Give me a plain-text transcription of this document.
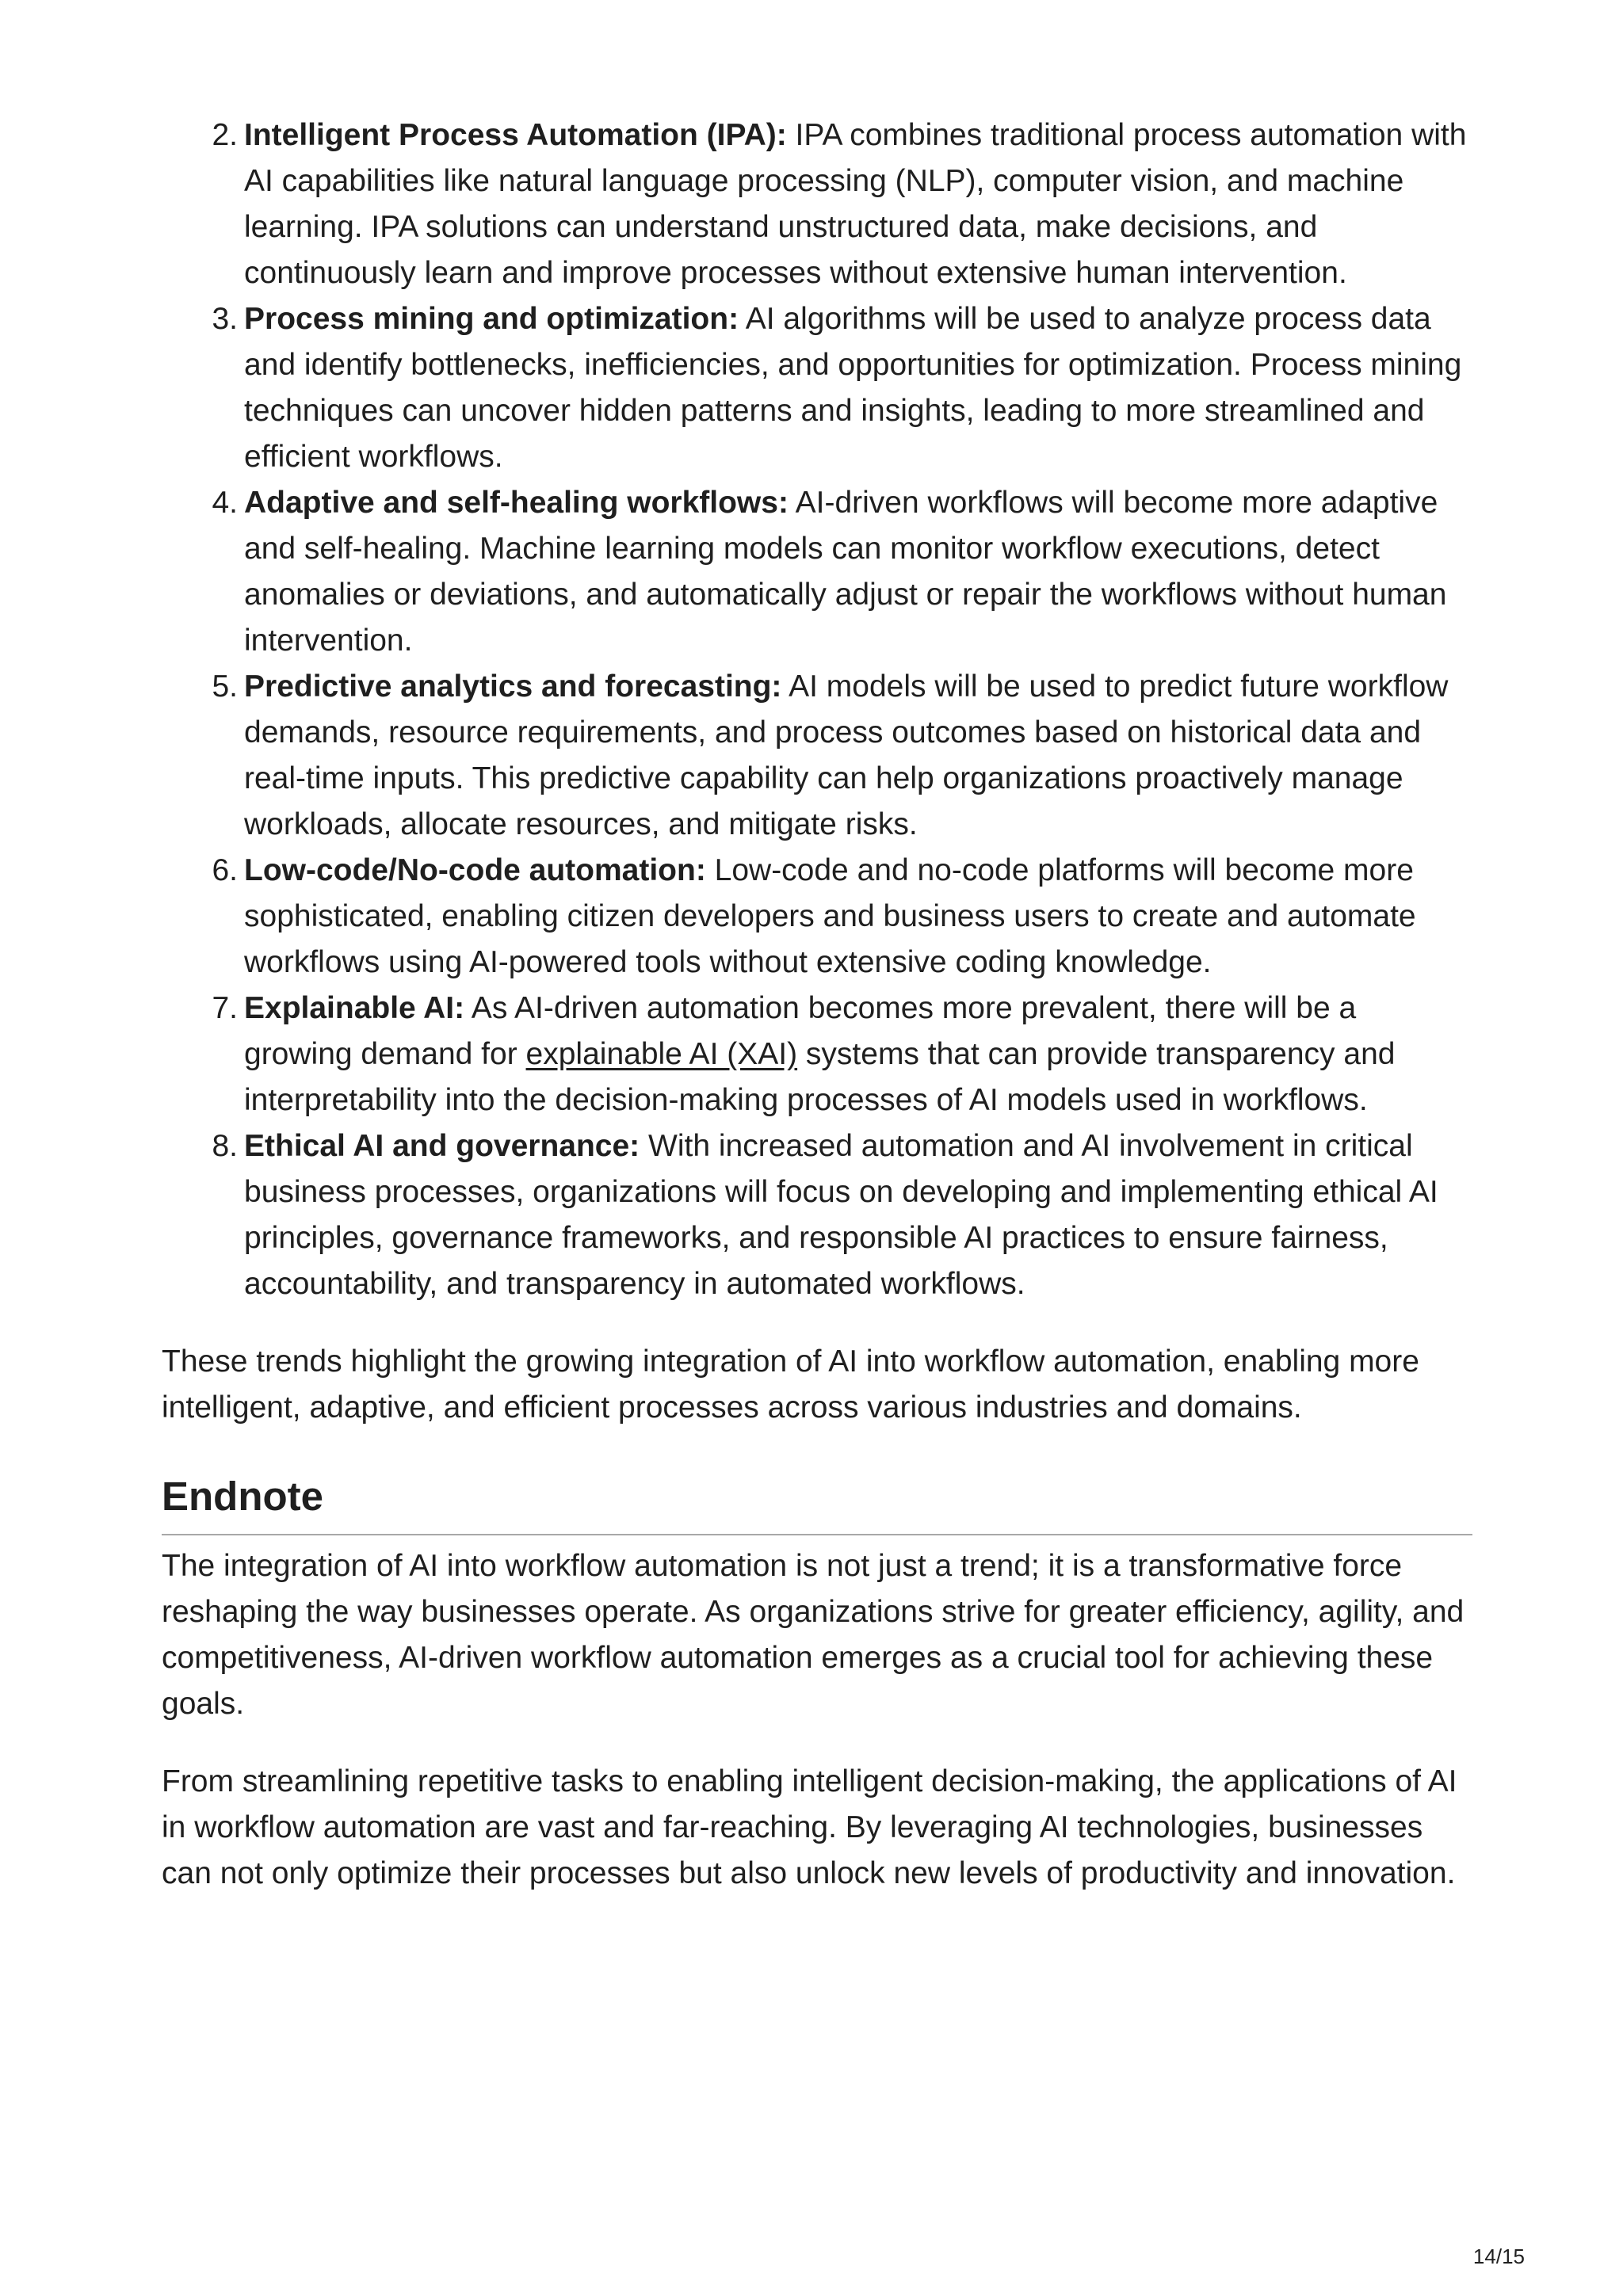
2. Intelligent Process Automation (IPA): IPA combines traditional process automation with AI capabilities like natural language processing (NLP), computer vision, and machine learning. IPA solutions can understand unstructured data, make decisions, and continuously learn and improve processes without extensive human intervention.
3. Process mining and optimization: AI algorithms will be used to analyze process data and identify bottlenecks, inefficiencies, and opportunities for optimization. Process mining techniques can uncover hidden patterns and insights, leading to more streamlined and efficient workflows.
4. Adaptive and self-healing workflows: AI-driven workflows will become more adaptive and self-healing. Machine learning models can monitor workflow executions, detect anomalies or deviations, and automatically adjust or repair the workflows without human intervention.
5. Predictive analytics and forecasting: AI models will be used to predict future workflow demands, resource requirements, and process outcomes based on historical data and real-time inputs. This predictive capability can help organizations proactively manage workloads, allocate resources, and mitigate risks.
6. Low-code/No-code automation: Low-code and no-code platforms will become more sophisticated, enabling citizen developers and business users to create and automate workflows using AI-powered tools without extensive coding knowledge.
7. Explainable AI: As AI-driven automation becomes more prevalent, there will be a growing demand for explainable AI (XAI) systems that can provide transparency and interpretability into the decision-making processes of AI models used in workflows.
8. Ethical AI and governance: With increased automation and AI involvement in critical business processes, organizations will focus on developing and implementing ethical AI principles, governance frameworks, and responsible AI practices to ensure fairness, accountability, and transparency in automated workflows.

These trends highlight the growing integration of AI into workflow automation, enabling more intelligent, adaptive, and efficient processes across various industries and domains.

Endnote

The integration of AI into workflow automation is not just a trend; it is a transformative force reshaping the way businesses operate. As organizations strive for greater efficiency, agility, and competitiveness, AI-driven workflow automation emerges as a crucial tool for achieving these goals.

From streamlining repetitive tasks to enabling intelligent decision-making, the applications of AI in workflow automation are vast and far-reaching. By leveraging AI technologies, businesses can not only optimize their processes but also unlock new levels of productivity and innovation.

14/15
